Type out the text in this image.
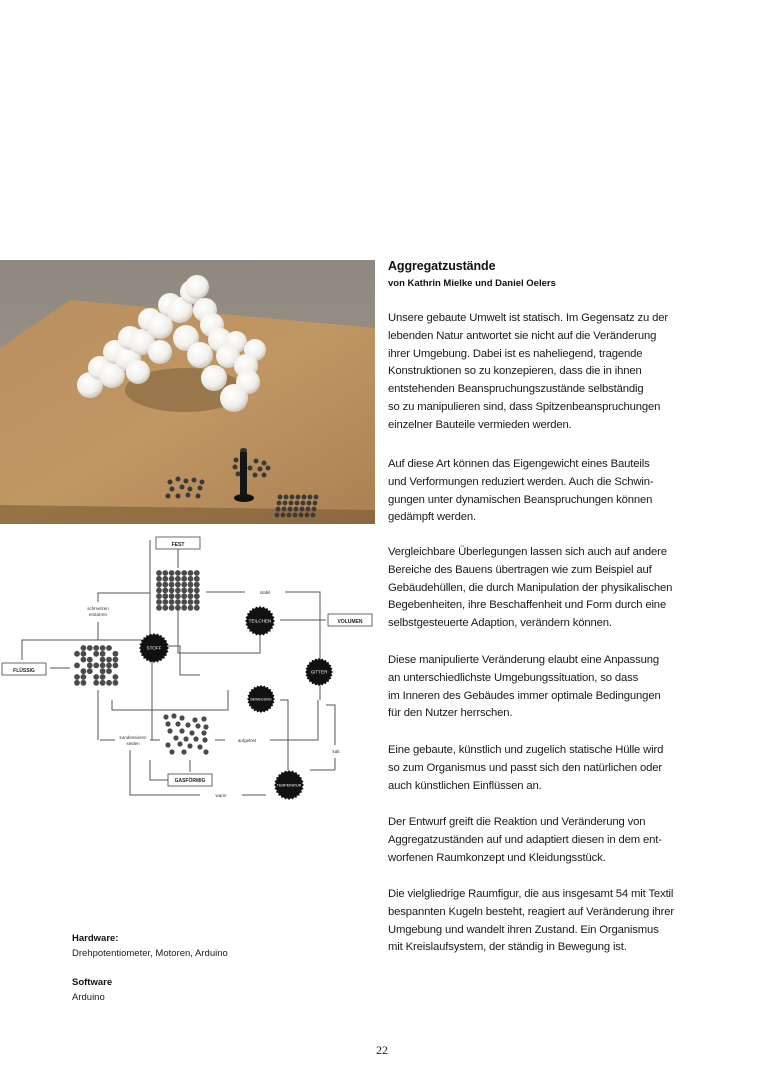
FEST
VOLUMEN
FLÜSSIG
GASFÖRMIG
schmelzen
erstarren
stabil
kondensieren
sieden
aufgelöst
kalt
warm
STOFF
TEILCHEN
GITTER
BEWEGUNG
TEMPERATUR
Aggregatzustände

von Kathrin Mielke und Daniel Oelers

Unsere gebaute Umwelt ist statisch. Im Gegensatz zu der
lebenden Natur antwortet sie nicht auf die Veränderung
ihrer Umgebung. Dabei ist es naheliegend, tragende
Konstruktionen so zu konzepieren, dass die in ihnen
entstehenden Beanspruchungszustände selbständig
so zu manipulieren sind, dass Spitzenbeanspruchungen
einzelner Bauteile vermieden werden.
Auf diese Art können das Eigengewicht eines Bauteils
und Verformungen reduziert werden. Auch die Schwin-
gungen unter dynamischen Beanspruchungen können
gedämpft werden.
Vergleichbare Überlegungen lassen sich auch auf andere
Bereiche des Bauens übertragen wie zum Beispiel auf
Gebäudehüllen, die durch Manipulation der physikalischen
Begebenheiten, ihre Beschaffenheit und Form durch eine
selbstgesteuerte Adaption, verändern können.
Diese manipulierte Veränderung elaubt eine Anpassung
an unterschiedlichste Umgebungssituation, so dass
im Inneren des Gebäudes immer optimale Bedingungen
für den Nutzer herrschen.
Eine gebaute, künstlich und zugelich statische Hülle wird
so zum Organismus und passt sich den natürlichen oder
auch künstlichen Einflüssen an.
Der Entwurf greift die Reaktion und Veränderung von
Aggregatzuständen auf und adaptiert diesen in dem ent-
worfenen Raumkonzept und Kleidungsstück.
Die vielgliedrige Raumfigur, die aus insgesamt 54 mit Textil
bespannten Kugeln besteht, reagiert auf Veränderung ihrer
Umgebung und wandelt ihren Zustand. Ein Organismus
mit Kreislaufsystem, der ständig in Bewegung ist.

Hardware:

Drehpotentiometer, Motoren, Arduino

Software

Arduino

22
